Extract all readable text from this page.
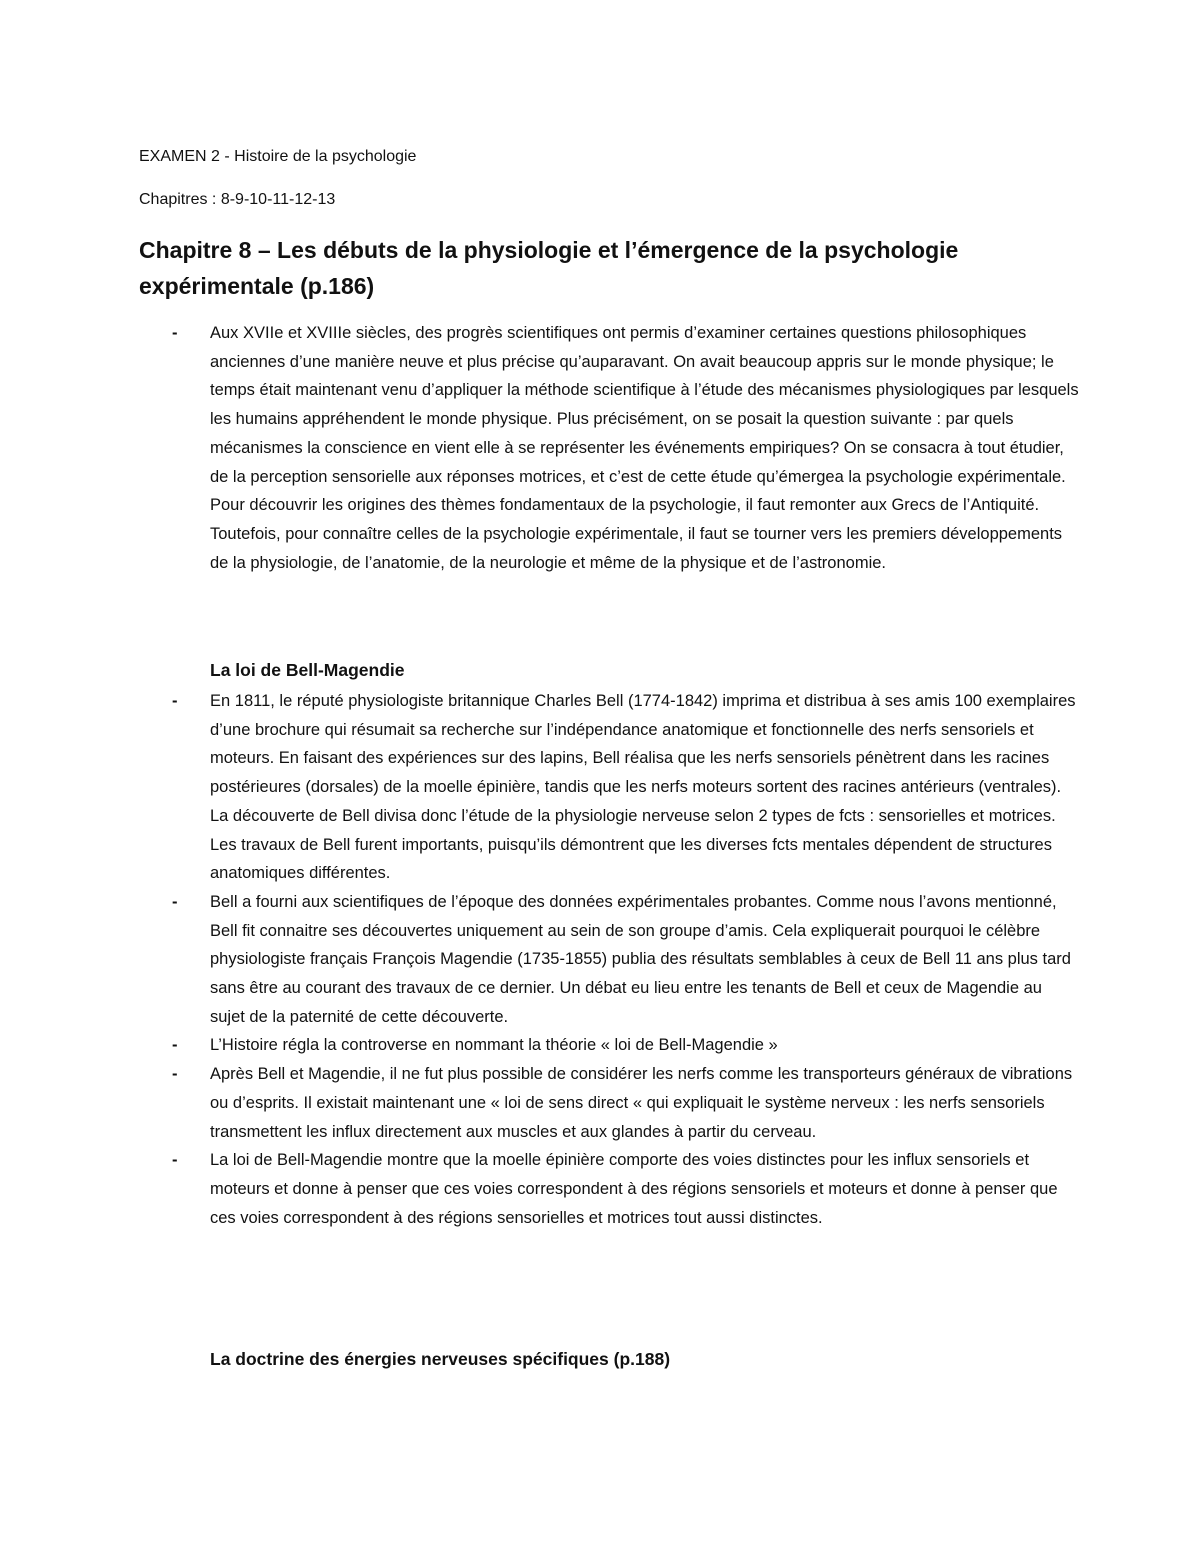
EXAMEN 2 - Histoire de la psychologie
Chapitres : 8-9-10-11-12-13
Chapitre 8 – Les débuts de la physiologie et l’émergence de la psychologie expérimentale (p.186)

- Aux XVIIe et XVIIIe siècles, des progrès scientifiques ont permis d’examiner certaines questions philosophiques anciennes d’une manière neuve et plus précise qu’auparavant. On avait beaucoup appris sur le monde physique; le temps était maintenant venu d’appliquer la méthode scientifique à l’étude des mécanismes physiologiques par lesquels les humains appréhendent le monde physique. Plus précisément, on se posait la question suivante : par quels mécanismes la conscience en vient elle à se représenter les événements empiriques? On se consacra à tout étudier, de la perception sensorielle aux réponses motrices, et c’est de cette étude qu’émergea la psychologie expérimentale. Pour découvrir les origines des thèmes fondamentaux de la psychologie, il faut remonter aux Grecs de l’Antiquité. Toutefois, pour connaître celles de la psychologie expérimentale, il faut se tourner vers les premiers développements de la physiologie, de l’anatomie, de la neurologie et même de la physique et de l’astronomie.

La loi de Bell-Magendie

- En 1811, le réputé physiologiste britannique Charles Bell (1774-1842) imprima et distribua à ses amis 100 exemplaires d’une brochure qui résumait sa recherche sur l’indépendance anatomique et fonctionnelle des nerfs sensoriels et moteurs. En faisant des expériences sur des lapins, Bell réalisa que les nerfs sensoriels pénètrent dans les racines postérieures (dorsales) de la moelle épinière, tandis que les nerfs moteurs sortent des racines antérieurs (ventrales). La découverte de Bell divisa donc l’étude de la physiologie nerveuse selon 2 types de fcts : sensorielles et motrices. Les travaux de Bell furent importants, puisqu’ils démontrent que les diverses fcts mentales dépendent de structures anatomiques différentes.

- Bell a fourni aux scientifiques de l’époque des données expérimentales probantes. Comme nous l’avons mentionné, Bell fit connaitre ses découvertes uniquement au sein de son groupe d’amis. Cela expliquerait pourquoi le célèbre physiologiste français François Magendie (1735-1855) publia des résultats semblables à ceux de Bell 11 ans plus tard sans être au courant des travaux de ce dernier. Un débat eu lieu entre les tenants de Bell et ceux de Magendie au sujet de la paternité de cette découverte.

- L’Histoire régla la controverse en nommant la théorie « loi de Bell-Magendie »

- Après Bell et Magendie, il ne fut plus possible de considérer les nerfs comme les transporteurs généraux de vibrations ou d’esprits. Il existait maintenant une « loi de sens direct « qui expliquait le système nerveux : les nerfs sensoriels transmettent les influx directement aux muscles et aux glandes à partir du cerveau.

- La loi de Bell-Magendie montre que la moelle épinière comporte des voies distinctes pour les influx sensoriels et moteurs et donne à penser que ces voies correspondent à des régions sensoriels et moteurs et donne à penser que ces voies correspondent à des régions sensorielles et motrices tout aussi distinctes.

La doctrine des énergies nerveuses spécifiques (p.188)
